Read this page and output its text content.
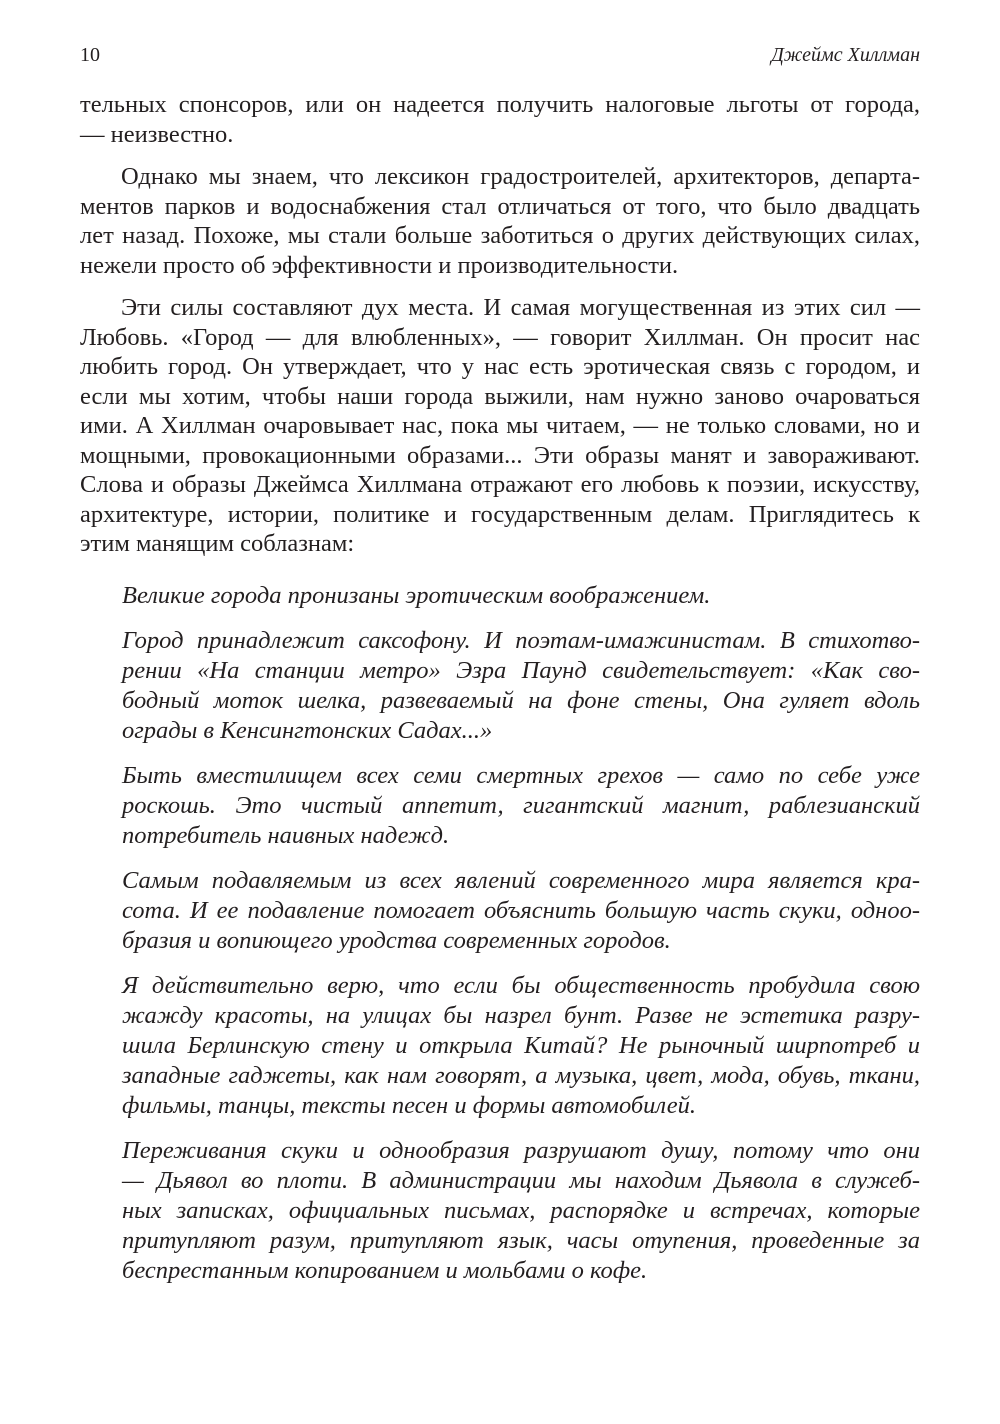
10	Джеймс Хиллман
тельных спонсоров, или он надеется получить налоговые льготы от города,
— неизвестно.
Однако мы знаем, что лексикон градостроителей, архитекторов, департа-
ментов парков и водоснабжения стал отличаться от того, что было двадцать
лет назад. Похоже, мы стали больше заботиться о других действующих силах,
нежели просто об эффективности и производительности.
Эти силы составляют дух места. И самая могущественная из этих сил —
Любовь. «Город — для влюбленных», — говорит Хиллман. Он просит нас
любить город. Он утверждает, что у нас есть эротическая связь с городом, и
если мы хотим, чтобы наши города выжили, нам нужно заново очароваться
ими. А Хиллман очаровывает нас, пока мы читаем, — не только словами, но и
мощными, провокационными образами... Эти образы манят и завораживают.
Слова и образы Джеймса Хиллмана отражают его любовь к поэзии, искусству,
архитектуре, истории, политике и государственным делам. Приглядитесь к
этим манящим соблазнам:
Великие города пронизаны эротическим воображением.
Город принадлежит саксофону. И поэтам-имажинистам. В стихотво-
рении «На станции метро» Эзра Паунд свидетельствует: «Как сво-
бодный моток шелка, развеваемый на фоне стены, Она гуляет вдоль
ограды в Кенсингтонских Садах...»
Быть вместилищем всех семи смертных грехов — само по себе уже
роскошь. Это чистый аппетит, гигантский магнит, раблезианский
потребитель наивных надежд.
Самым подавляемым из всех явлений современного мира является кра-
сота. И ее подавление помогает объяснить большую часть скуки, одноо-
бразия и вопиющего уродства современных городов.
Я действительно верю, что если бы общественность пробудила свою
жажду красоты, на улицах бы назрел бунт. Разве не эстетика разру-
шила Берлинскую стену и открыла Китай? Не рыночный ширпотреб и
западные гаджеты, как нам говорят, а музыка, цвет, мода, обувь, ткани,
фильмы, танцы, тексты песен и формы автомобилей.
Переживания скуки и однообразия разрушают душу, потому что они
— Дьявол во плоти. В администрации мы находим Дьявола в служеб-
ных записках, официальных письмах, распорядке и встречах, которые
притупляют разум, притупляют язык, часы отупения, проведенные за
беспрестанным копированием и мольбами о кофе.
